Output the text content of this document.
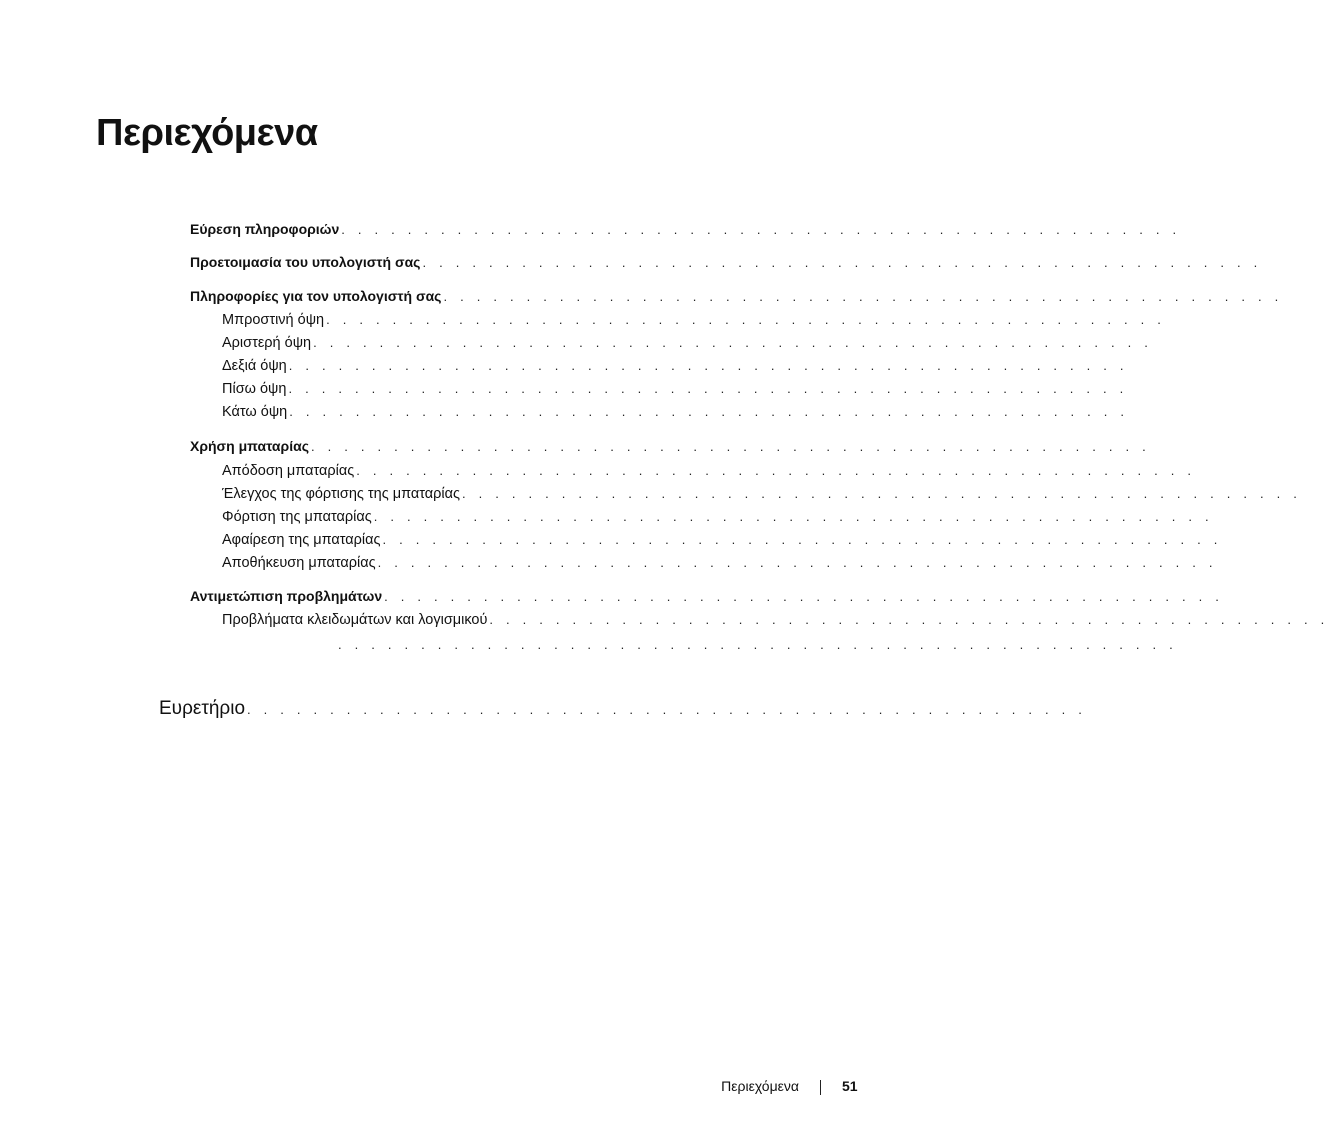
Περιεχόμενα
Εύρεση πληροφοριών . . . . . . . . . . . . . . . . . . . . . . . . . . . . . . . . . . . . . . . . . . . . . . . . . . .
Προετοιμασία του υπολογιστή σας . . . . . . . . . . . . . . . . . . . . . . . . . . . . . . . . . . . . . . . . . . . . . . . . . . .
Πληροφορίες για τον υπολογιστή σας . . . . . . . . . . . . . . . . . . . . . . . . . . . . . . . . . . . . . . . . . . . . . . . . . . .
Μπροστινή όψη . . . . . . . . . . . . . . . . . . . . . . . . . . . . . . . . . . . . . . . . . . . . . . . . . . .
Αριστερή όψη . . . . . . . . . . . . . . . . . . . . . . . . . . . . . . . . . . . . . . . . . . . . . . . . . . .
Δεξιά όψη . . . . . . . . . . . . . . . . . . . . . . . . . . . . . . . . . . . . . . . . . . . . . . . . . . .
Πίσω όψη . . . . . . . . . . . . . . . . . . . . . . . . . . . . . . . . . . . . . . . . . . . . . . . . . . .
Κάτω όψη . . . . . . . . . . . . . . . . . . . . . . . . . . . . . . . . . . . . . . . . . . . . . . . . . . .
Χρήση μπαταρίας . . . . . . . . . . . . . . . . . . . . . . . . . . . . . . . . . . . . . . . . . . . . . . . . . . .
Απόδοση μπαταρίας . . . . . . . . . . . . . . . . . . . . . . . . . . . . . . . . . . . . . . . . . . . . . . . . . . .
Έλεγχος της φόρτισης της μπαταρίας . . . . . . . . . . . . . . . . . . . . . . . . . . . . . . . . . . . . . . . . . . . . . . . . . . .
Φόρτιση της μπαταρίας . . . . . . . . . . . . . . . . . . . . . . . . . . . . . . . . . . . . . . . . . . . . . . . . . . .
Αφαίρεση της μπαταρίας . . . . . . . . . . . . . . . . . . . . . . . . . . . . . . . . . . . . . . . . . . . . . . . . . . .
Αποθήκευση μπαταρίας . . . . . . . . . . . . . . . . . . . . . . . . . . . . . . . . . . . . . . . . . . . . . . . . . . .
Αντιμετώπιση προβλημάτων . . . . . . . . . . . . . . . . . . . . . . . . . . . . . . . . . . . . . . . . . . . . . . . . . . .
Προβλήματα κλειδωμάτων και λογισμικού . . . . . . . . . . . . . . . . . . . . . . . . . . . . . . . . . . . . . . . . . . . . . . . . . . .
. . . . . . . . . . . . . . . . . . . . . . . . . . . . . . . . . . . . . . . . . . . . . . . . . . .
Ευρετήριο . . . . . . . . . . . . . . . . . . . . . . . . . . . . . . . . . . . . . . . . . . . . . . . . . . .
Περιεχόμενα	51
